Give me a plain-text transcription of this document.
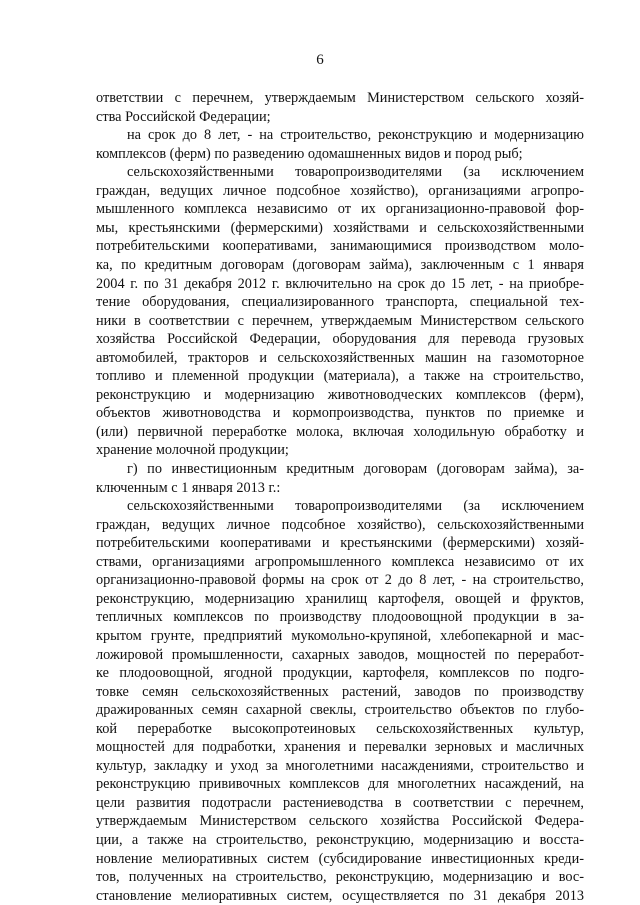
6
ответствии с перечнем, утверждаемым Министерством сельского хозяй-
ства Российской Федерации;
на срок до 8 лет, - на строительство, реконструкцию и модернизацию
комплексов (ферм) по разведению одомашненных видов и пород рыб;
сельскохозяйственными товаропроизводителями (за исключением
граждан, ведущих личное подсобное хозяйство), организациями агропро-
мышленного комплекса независимо от их организационно-правовой фор-
мы, крестьянскими (фермерскими) хозяйствами и сельскохозяйственными
потребительскими кооперативами, занимающимися производством моло-
ка, по кредитным договорам (договорам займа), заключенным с 1 января
2004 г. по 31 декабря 2012 г. включительно на срок до 15 лет, - на приобре-
тение оборудования, специализированного транспорта, специальной тех-
ники в соответствии с перечнем, утверждаемым Министерством сельского
хозяйства Российской Федерации, оборудования для перевода грузовых
автомобилей, тракторов и сельскохозяйственных машин на газомоторное
топливо и племенной продукции (материала), а также на строительство,
реконструкцию и модернизацию животноводческих комплексов (ферм),
объектов животноводства и кормопроизводства, пунктов по приемке и
(или) первичной переработке молока, включая холодильную обработку и
хранение молочной продукции;
г) по инвестиционным кредитным договорам (договорам займа), за-
ключенным с 1 января 2013 г.:
сельскохозяйственными товаропроизводителями (за исключением
граждан, ведущих личное подсобное хозяйство), сельскохозяйственными
потребительскими кооперативами и крестьянскими (фермерскими) хозяй-
ствами, организациями агропромышленного комплекса независимо от их
организационно-правовой формы на срок от 2 до 8 лет, - на строительство,
реконструкцию, модернизацию хранилищ картофеля, овощей и фруктов,
тепличных комплексов по производству плодоовощной продукции в за-
крытом грунте, предприятий мукомольно-крупяной, хлебопекарной и мас-
ложировой промышленности, сахарных заводов, мощностей по переработ-
ке плодоовощной, ягодной продукции, картофеля, комплексов по подго-
товке семян сельскохозяйственных растений, заводов по производству
дражированных семян сахарной свеклы, строительство объектов по глубо-
кой переработке высокопротеиновых сельскохозяйственных культур,
мощностей для подработки, хранения и перевалки зерновых и масличных
культур, закладку и уход за многолетними насаждениями, строительство и
реконструкцию прививочных комплексов для многолетних насаждений, на
цели развития подотрасли растениеводства в соответствии с перечнем,
утверждаемым Министерством сельского хозяйства Российской Федера-
ции, а также на строительство, реконструкцию, модернизацию и восста-
новление мелиоративных систем (субсидирование инвестиционных креди-
тов, полученных на строительство, реконструкцию, модернизацию и вос-
становление мелиоративных систем, осуществляется по 31 декабря 2013
